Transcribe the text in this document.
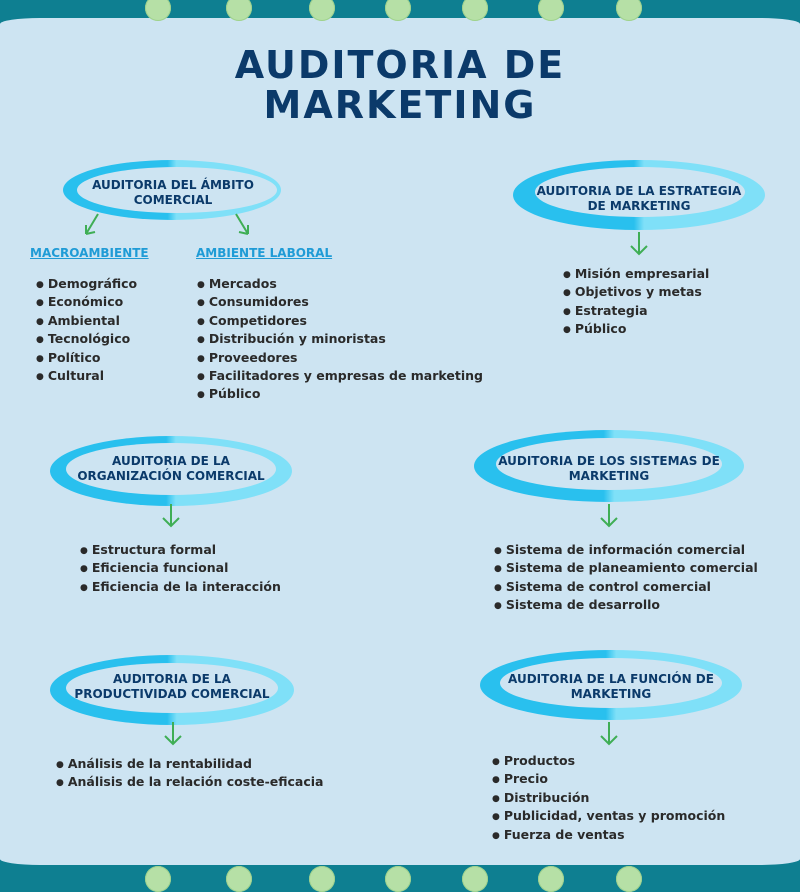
AUDITORIA DE
MARKETING
AUDITORIA DEL ÁMBITO
COMERCIAL
MACROAMBIENTE
● Demográfico
● Económico
● Ambiental
● Tecnológico
● Político
● Cultural
AMBIENTE LABORAL
● Mercados
● Consumidores
● Competidores
● Distribución y minoristas
● Proveedores
● Facilitadores y empresas de marketing
● Público
AUDITORIA DE LA ESTRATEGIA
DE MARKETING
● Misión empresarial
● Objetivos y metas
● Estrategia
● Público
AUDITORIA DE LA
ORGANIZACIÓN COMERCIAL
● Estructura formal
● Eficiencia funcional
● Eficiencia de la interacción
AUDITORIA DE LOS SISTEMAS DE
MARKETING
● Sistema de información comercial
● Sistema de planeamiento comercial
● Sistema de control comercial
● Sistema de desarrollo
AUDITORIA DE LA
PRODUCTIVIDAD COMERCIAL
● Análisis de la rentabilidad
● Análisis de la relación coste-eficacia
AUDITORIA DE LA FUNCIÓN DE
MARKETING
● Productos
● Precio
● Distribución
● Publicidad, ventas y promoción
● Fuerza de ventas
